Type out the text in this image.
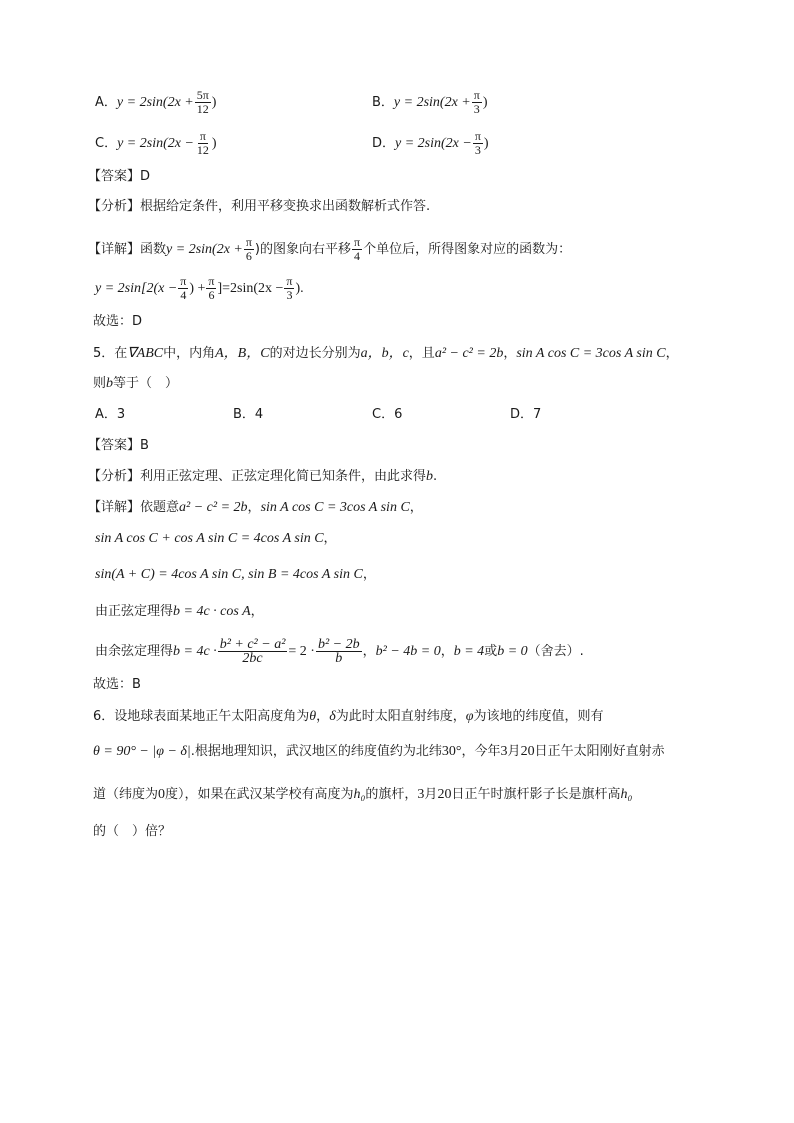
A．$y = 2\sin(2x + \frac{5\pi}{12}$ )	B．$y = 2\sin(2x + \frac{\pi}{3}$ )
C．$y = 2\sin(2x - \frac{\pi}{12}$ )	D．$y = 2\sin(2x - \frac{\pi}{3}$ )
【答案】D
【分析】根据给定条件，利用平移变换求出函数解析式作答.
【详解】函数$y = 2\sin(2x + \frac{\pi}{6}$ )的图象向右平移 $\frac{\pi}{4}$ 个单位后，所得图象对应的函数为：
$y = 2\sin[2(x - \frac{\pi}{4}$ ) + $\frac{\pi}{6} ]=2\sin(2x - \frac{\pi}{3}$ ).
故选：D
5．在∇ABC中，内角A，B，C的对边长分别为a，b，c，且a² − c² = 2b，sin A cos C = 3cos A sin C，
则b等于（　）
A．3	B．4	C．6	D．7
【答案】B
【分析】利用正弦定理、正弦定理化简已知条件，由此求得b.
【详解】依题意a² − c² = 2b，sin A cos C = 3cos A sin C，
sin A cos C + cos A sin C = 4cos A sin C，
sin(A + C) = 4cos A sin C, sin B = 4cos A sin C，
由正弦定理得b = 4c · cos A，
由余弦定理得$b = 4c \cdot \frac{\text{b² + c² − a²}}{2bc} = 2 \cdot \frac{\text{b² − 2b}}{b}$ ，b² − 4b = 0，b = 4或b = 0（舍去）.
故选：B
6．设地球表面某地正午太阳高度角为θ，δ为此时太阳直射纬度，φ为该地的纬度值，则有
θ = 90° − |φ − δ|.根据地理知识，武汉地区的纬度值约为北纬30°，今年3月20日正午太阳刚好直射赤
道（纬度为0度），如果在武汉某学校有高度为h₀的旗杆，3月20日正午时旗杆影子长是旗杆高h₀
的（　）倍？
